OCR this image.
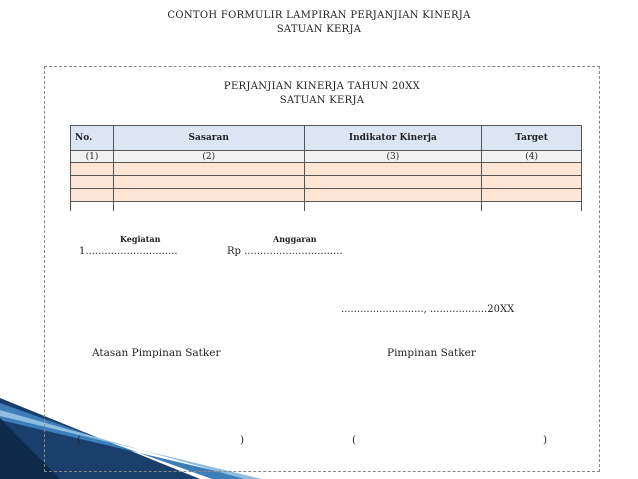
CONTOH FORMULIR LAMPIRAN PERJANJIAN KINERJA
SATUAN KERJA
PERJANJIAN KINERJA TAHUN 20XX
SATUAN KERJA
No.	Sasaran	Indikator Kinerja	Target
(1)	(2)	(3)	(4)

Kegiatan	Anggaran
1.............................	Rp ...............................
.........................., ..................20XX
Atasan Pimpinan Satker	Pimpinan Satker
(	)	(	)
